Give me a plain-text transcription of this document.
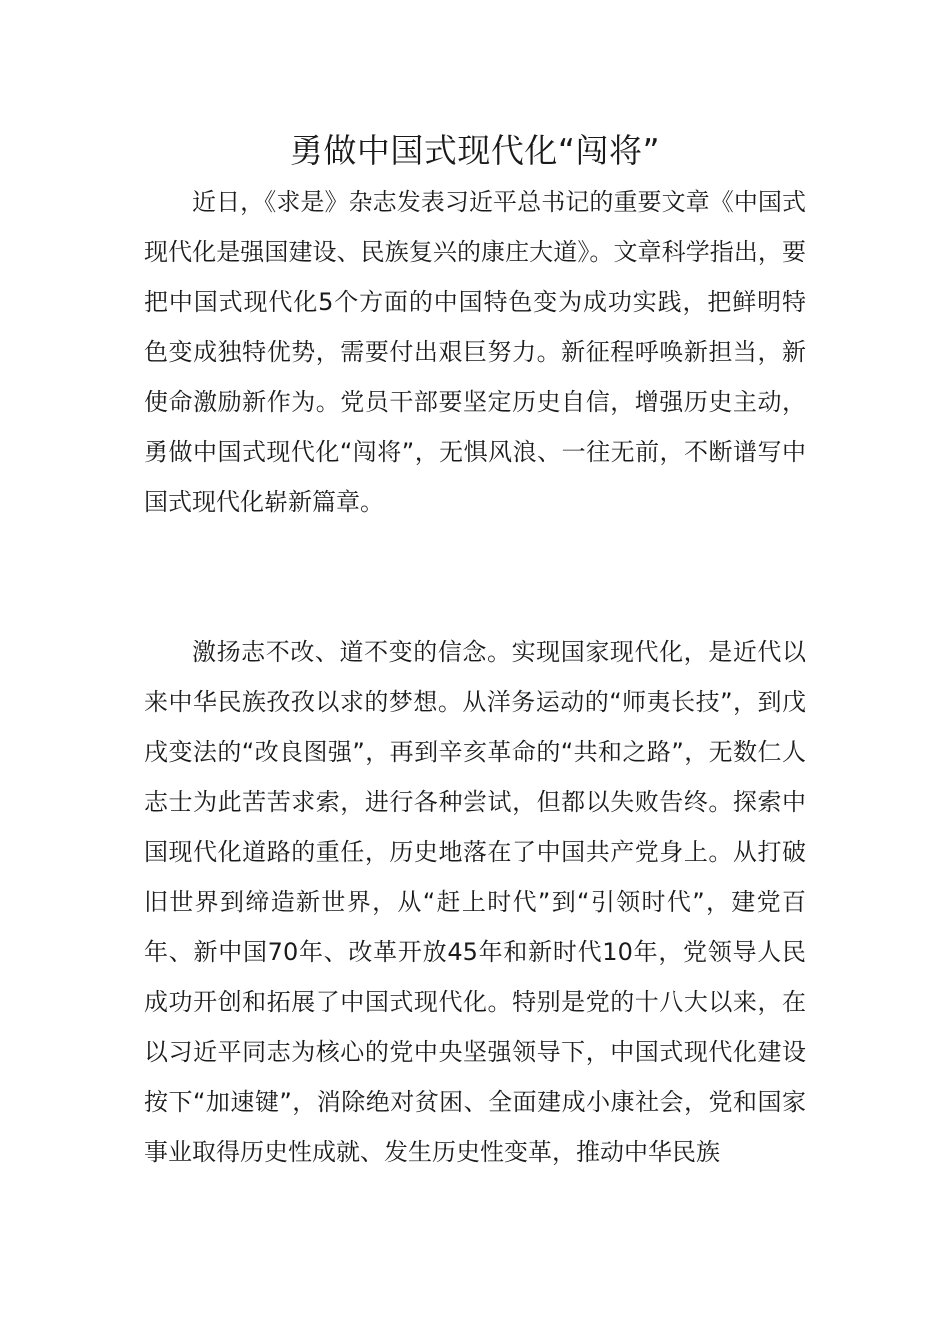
勇做中国式现代化“闯将”

近日，《求是》杂志发表习近平总书记的重要文章《中国式现代化是强国建设、民族复兴的康庄大道》。文章科学指出，要把中国式现代化5个方面的中国特色变为成功实践，把鲜明特色变成独特优势，需要付出艰巨努力。新征程呼唤新担当，新使命激励新作为。党员干部要坚定历史自信，增强历史主动，勇做中国式现代化“闯将”，无惧风浪、一往无前，不断谱写中国式现代化崭新篇章。

激扬志不改、道不变的信念。实现国家现代化，是近代以来中华民族孜孜以求的梦想。从洋务运动的“师夷长技”，到戊戌变法的“改良图强”，再到辛亥革命的“共和之路”，无数仁人志士为此苦苦求索，进行各种尝试，但都以失败告终。探索中国现代化道路的重任，历史地落在了中国共产党身上。从打破旧世界到缔造新世界，从“赶上时代”到“引领时代”，建党百年、新中国70年、改革开放45年和新时代10年，党领导人民成功开创和拓展了中国式现代化。特别是党的十八大以来，在以习近平同志为核心的党中央坚强领导下，中国式现代化建设按下“加速键”，消除绝对贫困、全面建成小康社会，党和国家事业取得历史性成就、发生历史性变革，推动中华民族
